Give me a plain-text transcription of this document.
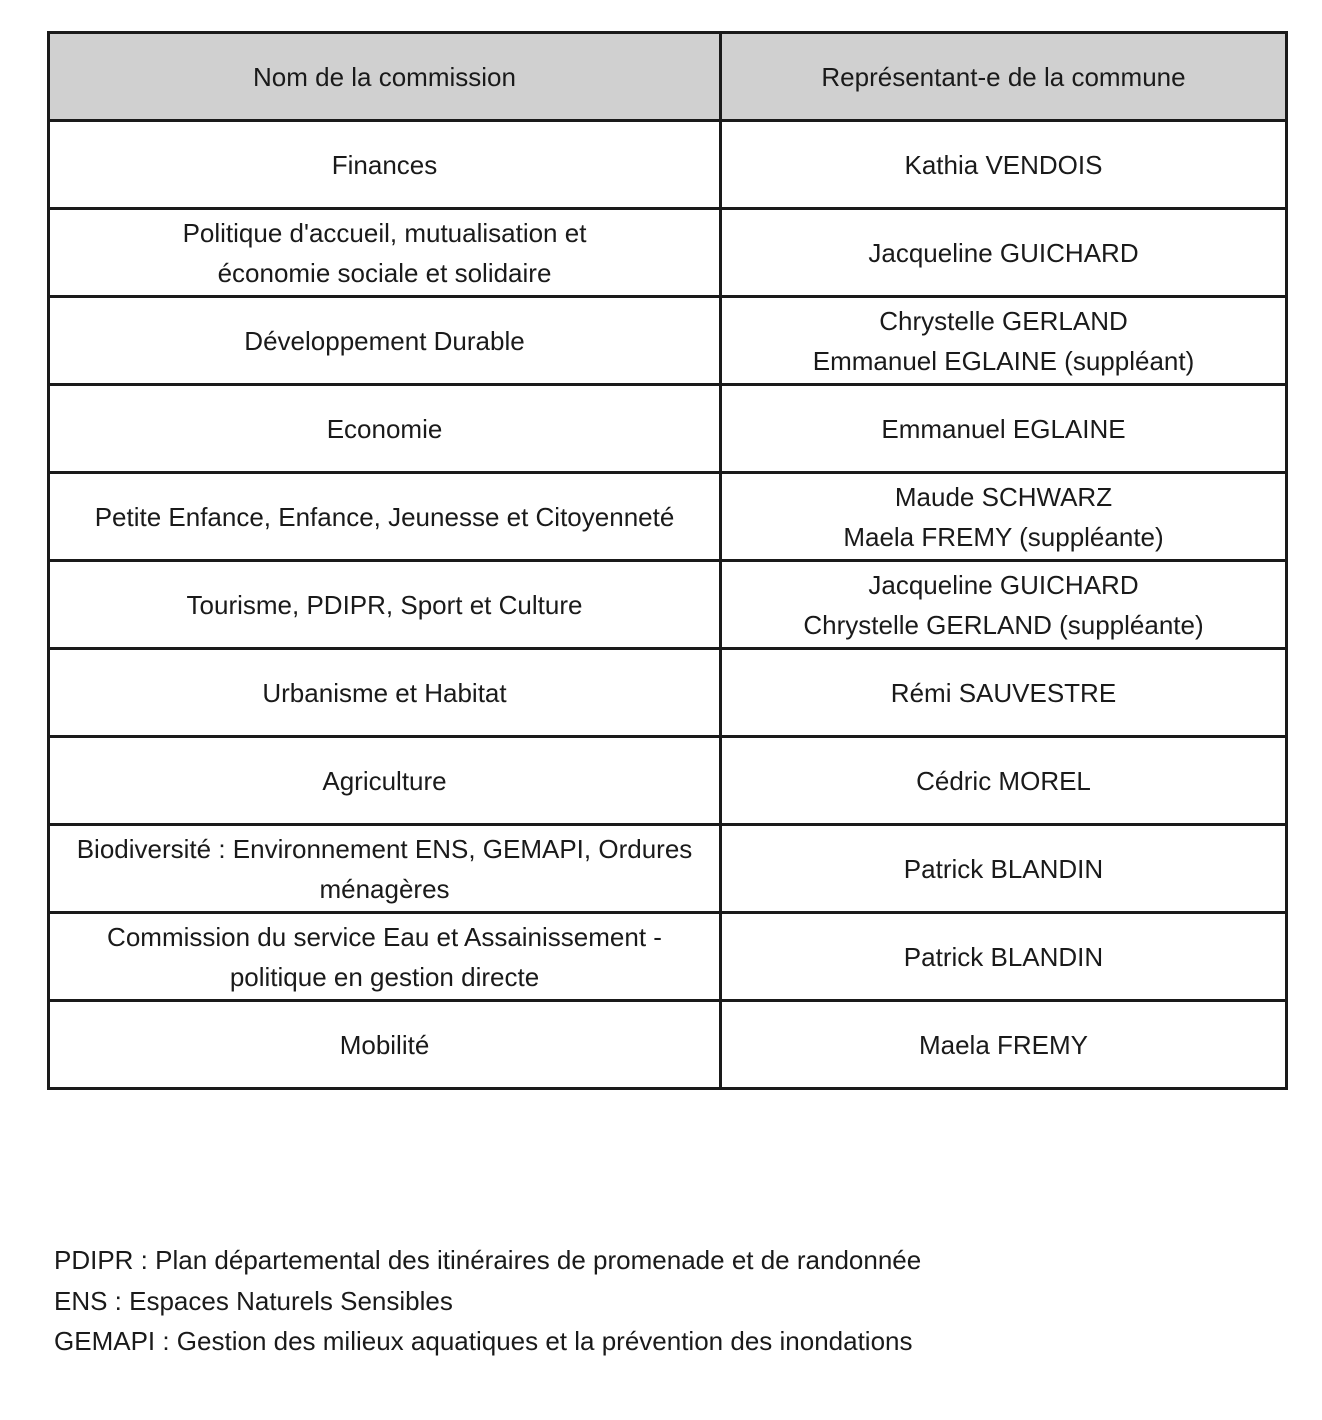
Nom de la commission	Représentant-e de la commune

Finances	Kathia VENDOIS

Politique d'accueil, mutualisation et
économie sociale et solidaire	Jacqueline GUICHARD

Développement Durable	Chrystelle GERLAND
Emmanuel EGLAINE (suppléant)

Economie	Emmanuel EGLAINE

Petite Enfance, Enfance, Jeunesse et Citoyenneté	Maude SCHWARZ
Maela FREMY (suppléante)

Tourisme, PDIPR, Sport et Culture	Jacqueline GUICHARD
Chrystelle GERLAND (suppléante)

Urbanisme et Habitat	Rémi SAUVESTRE

Agriculture	Cédric MOREL

Biodiversité : Environnement ENS, GEMAPI, Ordures
ménagères	Patrick BLANDIN

Commission du service Eau et Assainissement -
politique en gestion directe	Patrick BLANDIN

Mobilité	Maela FREMY
PDIPR : Plan départemental des itinéraires de promenade et de randonnée
ENS : Espaces Naturels Sensibles
GEMAPI : Gestion des milieux aquatiques et la prévention des inondations
